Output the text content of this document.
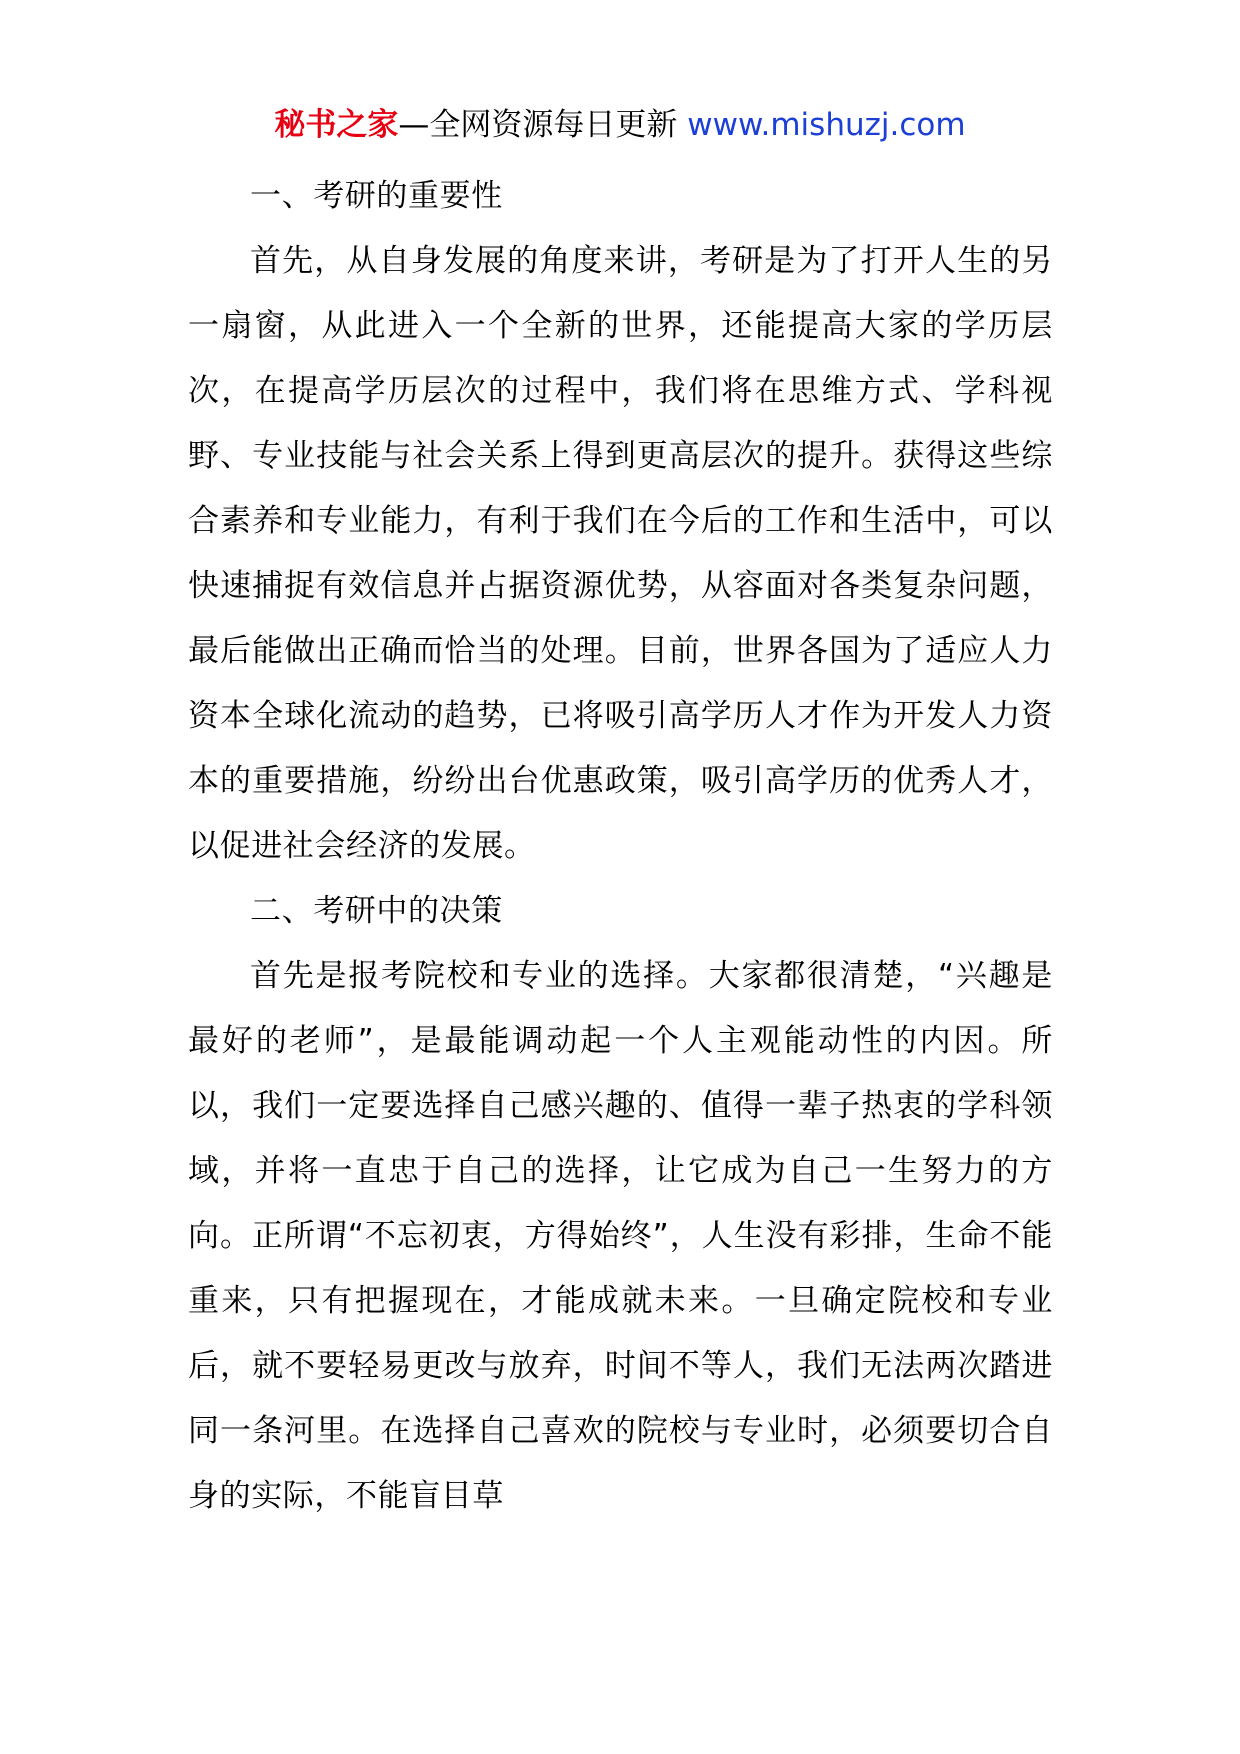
秘书之家—全网资源每日更新 www.mishuzj.com

一、考研的重要性

首先，从自身发展的角度来讲，考研是为了打开人生的另一扇窗，从此进入一个全新的世界，还能提高大家的学历层次，在提高学历层次的过程中，我们将在思维方式、学科视野、专业技能与社会关系上得到更高层次的提升。获得这些综合素养和专业能力，有利于我们在今后的工作和生活中，可以快速捕捉有效信息并占据资源优势，从容面对各类复杂问题，最后能做出正确而恰当的处理。目前，世界各国为了适应人力资本全球化流动的趋势，已将吸引高学历人才作为开发人力资本的重要措施，纷纷出台优惠政策，吸引高学历的优秀人才，以促进社会经济的发展。

二、考研中的决策

首先是报考院校和专业的选择。大家都很清楚，“兴趣是最好的老师”，是最能调动起一个人主观能动性的内因。所以，我们一定要选择自己感兴趣的、值得一辈子热衷的学科领域，并将一直忠于自己的选择，让它成为自己一生努力的方向。正所谓“不忘初衷，方得始终”，人生没有彩排，生命不能重来，只有把握现在，才能成就未来。一旦确定院校和专业后，就不要轻易更改与放弃，时间不等人，我们无法两次踏进同一条河里。在选择自己喜欢的院校与专业时，必须要切合自身的实际，不能盲目草
